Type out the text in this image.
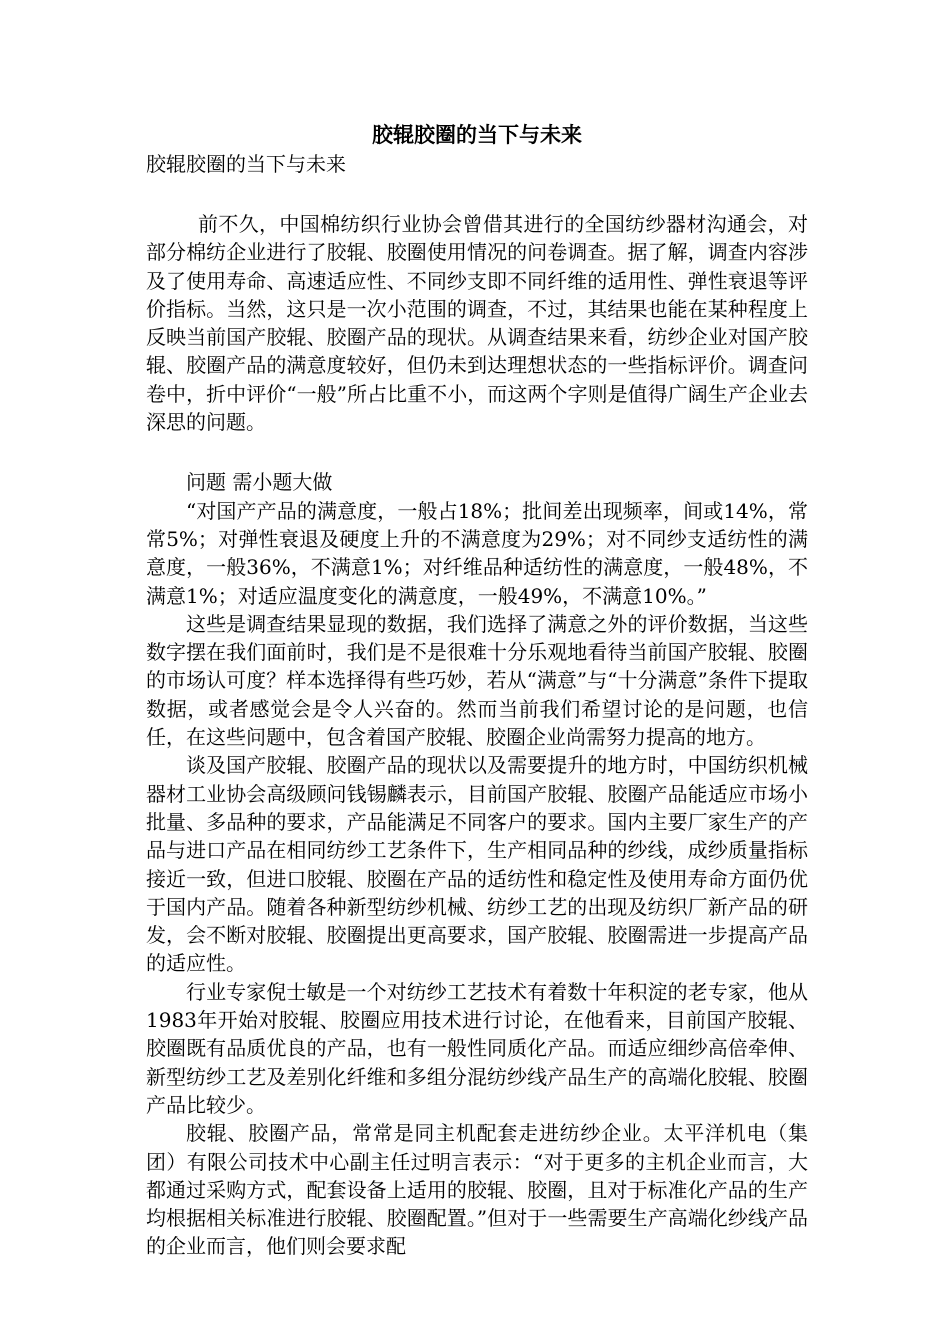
胶辊胶圈的当下与未来

胶辊胶圈的当下与未来

前不久，中国棉纺织行业协会曾借其进行的全国纺纱器材沟通会，对部分棉纺企业进行了胶辊、胶圈使用情况的问卷调查。据了解，调查内容涉及了使用寿命、高速适应性、不同纱支即不同纤维的适用性、弹性衰退等评价指标。当然，这只是一次小范围的调查，不过，其结果也能在某种程度上反映当前国产胶辊、胶圈产品的现状。从调查结果来看，纺纱企业对国产胶辊、胶圈产品的满意度较好，但仍未到达理想状态的一些指标评价。调查问卷中，折中评价“一般”所占比重不小，而这两个字则是值得广阔生产企业去深思的问题。

问题 需小题大做

“对国产产品的满意度，一般占18%；批间差出现频率，间或14%，常常5%；对弹性衰退及硬度上升的不满意度为29%；对不同纱支适纺性的满意度，一般36%，不满意1%；对纤维品种适纺性的满意度，一般48%，不满意1%；对适应温度变化的满意度，一般49%，不满意10%。”

这些是调查结果显现的数据，我们选择了满意之外的评价数据，当这些数字摆在我们面前时，我们是不是很难十分乐观地看待当前国产胶辊、胶圈的市场认可度？样本选择得有些巧妙，若从“满意”与“十分满意”条件下提取数据，或者感觉会是令人兴奋的。然而当前我们希望讨论的是问题，也信任，在这些问题中，包含着国产胶辊、胶圈企业尚需努力提高的地方。

谈及国产胶辊、胶圈产品的现状以及需要提升的地方时，中国纺织机械器材工业协会高级顾问钱锡麟表示，目前国产胶辊、胶圈产品能适应市场小批量、多品种的要求，产品能满足不同客户的要求。国内主要厂家生产的产品与进口产品在相同纺纱工艺条件下，生产相同品种的纱线，成纱质量指标接近一致，但进口胶辊、胶圈在产品的适纺性和稳定性及使用寿命方面仍优于国内产品。随着各种新型纺纱机械、纺纱工艺的出现及纺织厂新产品的研发，会不断对胶辊、胶圈提出更高要求，国产胶辊、胶圈需进一步提高产品的适应性。

行业专家倪士敏是一个对纺纱工艺技术有着数十年积淀的老专家，他从1983年开始对胶辊、胶圈应用技术进行讨论，在他看来，目前国产胶辊、胶圈既有品质优良的产品，也有一般性同质化产品。而适应细纱高倍牵伸、新型纺纱工艺及差别化纤维和多组分混纺纱线产品生产的高端化胶辊、胶圈产品比较少。

胶辊、胶圈产品，常常是同主机配套走进纺纱企业。太平洋机电（集团）有限公司技术中心副主任过明言表示：“对于更多的主机企业而言，大都通过采购方式，配套设备上适用的胶辊、胶圈，且对于标准化产品的生产均根据相关标准进行胶辊、胶圈配置。”但对于一些需要生产高端化纱线产品的企业而言，他们则会要求配
